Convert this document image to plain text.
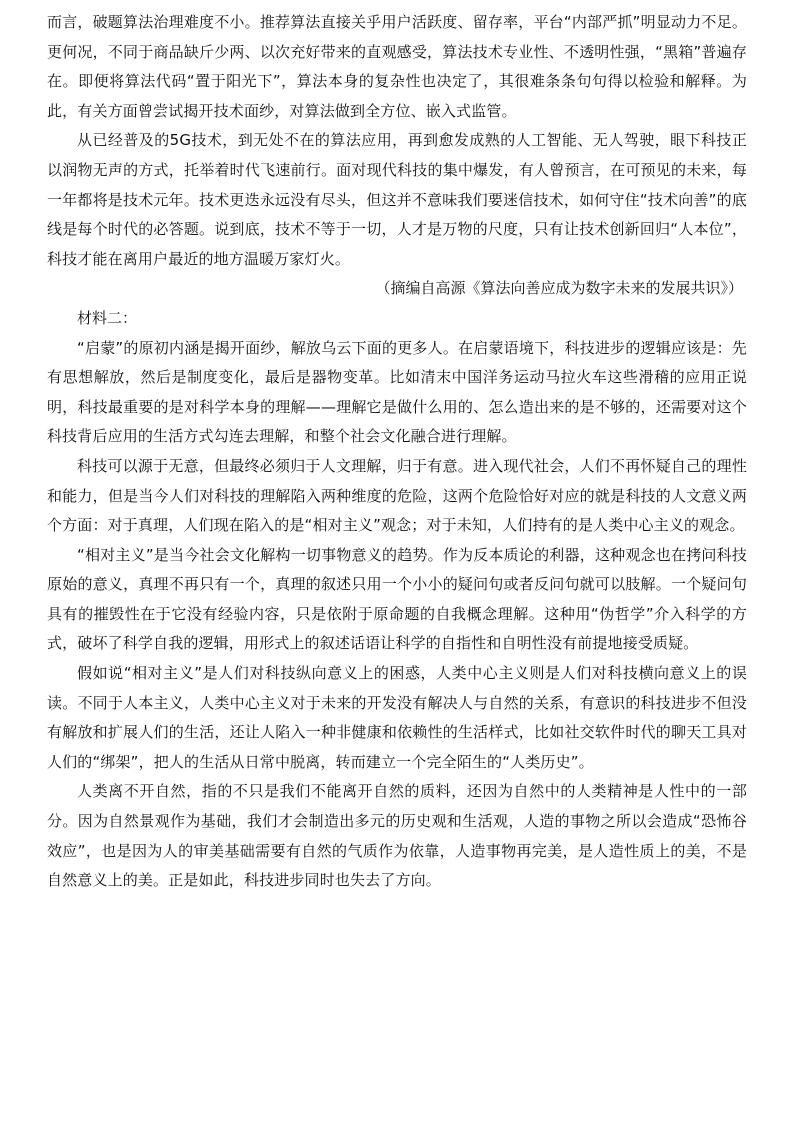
而言，破题算法治理难度不小。推荐算法直接关乎用户活跃度、留存率，平台“内部严抓”明显动力不足。更何况，不同于商品缺斤少两、以次充好带来的直观感受，算法技术专业性、不透明性强，“黑箱”普遍存在。即便将算法代码“置于阳光下”，算法本身的复杂性也决定了，其很难条条句句得以检验和解释。为此，有关方面曾尝试揭开技术面纱，对算法做到全方位、嵌入式监管。

从已经普及的5G技术，到无处不在的算法应用，再到愈发成熟的人工智能、无人驾驶，眼下科技正以润物无声的方式，托举着时代飞速前行。面对现代科技的集中爆发，有人曾预言，在可预见的未来，每一年都将是技术元年。技术更迭永远没有尽头，但这并不意味我们要迷信技术，如何守住“技术向善”的底线是每个时代的必答题。说到底，技术不等于一切，人才是万物的尺度，只有让技术创新回归“人本位”，科技才能在离用户最近的地方温暖万家灯火。

（摘编自高源《算法向善应成为数字未来的发展共识》）

材料二：

“启蒙”的原初内涵是揭开面纱，解放乌云下面的更多人。在启蒙语境下，科技进步的逻辑应该是：先有思想解放，然后是制度变化，最后是器物变革。比如清末中国洋务运动马拉火车这些滑稽的应用正说明，科技最重要的是对科学本身的理解——理解它是做什么用的、怎么造出来的是不够的，还需要对这个科技背后应用的生活方式勾连去理解，和整个社会文化融合进行理解。

科技可以源于无意，但最终必须归于人文理解，归于有意。进入现代社会，人们不再怀疑自己的理性和能力，但是当今人们对科技的理解陷入两种维度的危险，这两个危险恰好对应的就是科技的人文意义两个方面：对于真理，人们现在陷入的是“相对主义”观念；对于未知，人们持有的是人类中心主义的观念。

“相对主义”是当今社会文化解构一切事物意义的趋势。作为反本质论的利器，这种观念也在拷问科技原始的意义，真理不再只有一个，真理的叙述只用一个小小的疑问句或者反问句就可以肢解。一个疑问句具有的摧毁性在于它没有经验内容，只是依附于原命题的自我概念理解。这种用“伪哲学”介入科学的方式，破坏了科学自我的逻辑，用形式上的叙述话语让科学的自指性和自明性没有前提地接受质疑。

假如说“相对主义”是人们对科技纵向意义上的困惑，人类中心主义则是人们对科技横向意义上的误读。不同于人本主义，人类中心主义对于未来的开发没有解决人与自然的关系，有意识的科技进步不但没有解放和扩展人们的生活，还让人陷入一种非健康和依赖性的生活样式，比如社交软件时代的聊天工具对人们的“绑架”，把人的生活从日常中脱离，转而建立一个完全陌生的“人类历史”。

人类离不开自然，指的不只是我们不能离开自然的质料，还因为自然中的人类精神是人性中的一部分。因为自然景观作为基础，我们才会制造出多元的历史观和生活观，人造的事物之所以会造成“恐怖谷效应”，也是因为人的审美基础需要有自然的气质作为依靠，人造事物再完美，是人造性质上的美，不是自然意义上的美。正是如此，科技进步同时也失去了方向。
